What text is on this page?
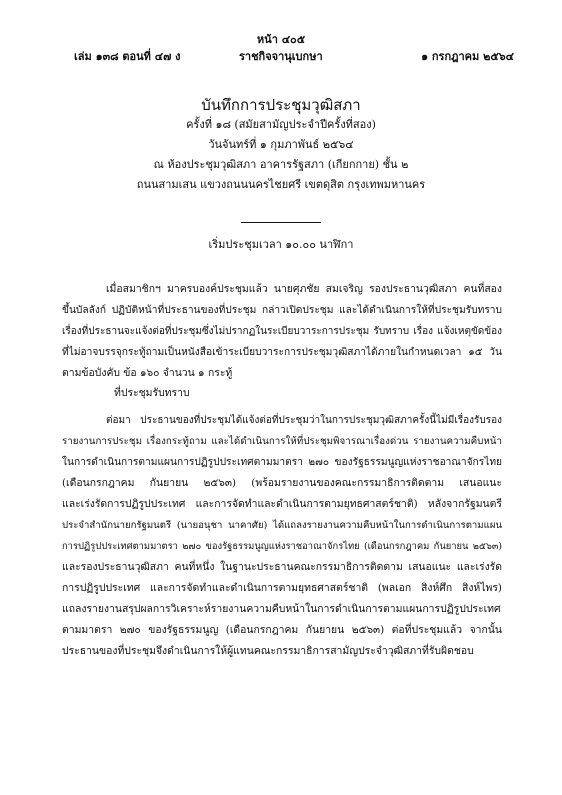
หน้า ๔๐๕
เล่ม ๑๓๘ ตอนที่ ๔๗ ง	ราชกิจจานุเบกษา	๑ กรกฎาคม ๒๕๖๔
บันทึกการประชุมวุฒิสภา
ครั้งที่ ๑๘ (สมัยสามัญประจำปีครั้งที่สอง)
วันจันทร์ที่ ๑ กุมภาพันธ์ ๒๕๖๔
ณ ห้องประชุมวุฒิสภา อาคารรัฐสภา (เกียกกาย) ชั้น ๒
ถนนสามเสน แขวงถนนนครไชยศรี เขตดุสิต กรุงเทพมหานคร
เริ่มประชุมเวลา ๑๐.๐๐ นาฬิกา
เมื่อสมาชิกฯ มาครบองค์ประชุมแล้ว นายศุภชัย สมเจริญ รองประธานวุฒิสภา คนที่สอง
ขึ้นบัลลังก์ ปฏิบัติหน้าที่ประธานของที่ประชุม กล่าวเปิดประชุม และได้ดำเนินการให้ที่ประชุมรับทราบ
เรื่องที่ประธานจะแจ้งต่อที่ประชุมซึ่งไม่ปรากฏในระเบียบวาระการประชุม รับทราบ เรื่อง แจ้งเหตุขัดข้อง
ที่ไม่อาจบรรจุกระทู้ถามเป็นหนังสือเข้าระเบียบวาระการประชุมวุฒิสภาได้ภายในกำหนดเวลา ๑๕ วัน
ตามข้อบังคับ ข้อ ๑๖๐ จำนวน ๑ กระทู้
ที่ประชุมรับทราบ
ต่อมา ประธานของที่ประชุมได้แจ้งต่อที่ประชุมว่าในการประชุมวุฒิสภาครั้งนี้ไม่มีเรื่องรับรอง
รายงานการประชุม เรื่องกระทู้ถาม และได้ดำเนินการให้ที่ประชุมพิจารณาเรื่องด่วน รายงานความคืบหน้า
ในการดำเนินการตามแผนการปฏิรูปประเทศตามมาตรา ๒๗๐ ของรัฐธรรมนูญแห่งราชอาณาจักรไทย
(เดือนกรกฎาคม กันยายน ๒๕๖๓) (พร้อมรายงานของคณะกรรมาธิการติดตาม เสนอแนะ
และเร่งรัดการปฏิรูปประเทศ และการจัดทำและดำเนินการตามยุทธศาสตร์ชาติ) หลังจากรัฐมนตรี
ประจำสำนักนายกรัฐมนตรี (นายอนุชา นาคาศัย) ได้แถลงรายงานความคืบหน้าในการดำเนินการตามแผน
การปฏิรูปประเทศตามมาตรา ๒๗๐ ของรัฐธรรมนูญแห่งราชอาณาจักรไทย (เดือนกรกฎาคม กันยายน ๒๕๖๓)
และรองประธานวุฒิสภา คนที่หนึ่ง ในฐานะประธานคณะกรรมาธิการติดตาม เสนอแนะ และเร่งรัด
การปฏิรูปประเทศ และการจัดทำและดำเนินการตามยุทธศาสตร์ชาติ (พลเอก สิงห์ศึก สิงห์ไพร)
แถลงรายงานสรุปผลการวิเคราะห์รายงานความคืบหน้าในการดำเนินการตามแผนการปฏิรูปประเทศ
ตามมาตรา ๒๗๐ ของรัฐธรรมนูญ (เดือนกรกฎาคม กันยายน ๒๕๖๓) ต่อที่ประชุมแล้ว จากนั้น
ประธานของที่ประชุมจึงดำเนินการให้ผู้แทนคณะกรรมาธิการสามัญประจำวุฒิสภาที่รับผิดชอบ
